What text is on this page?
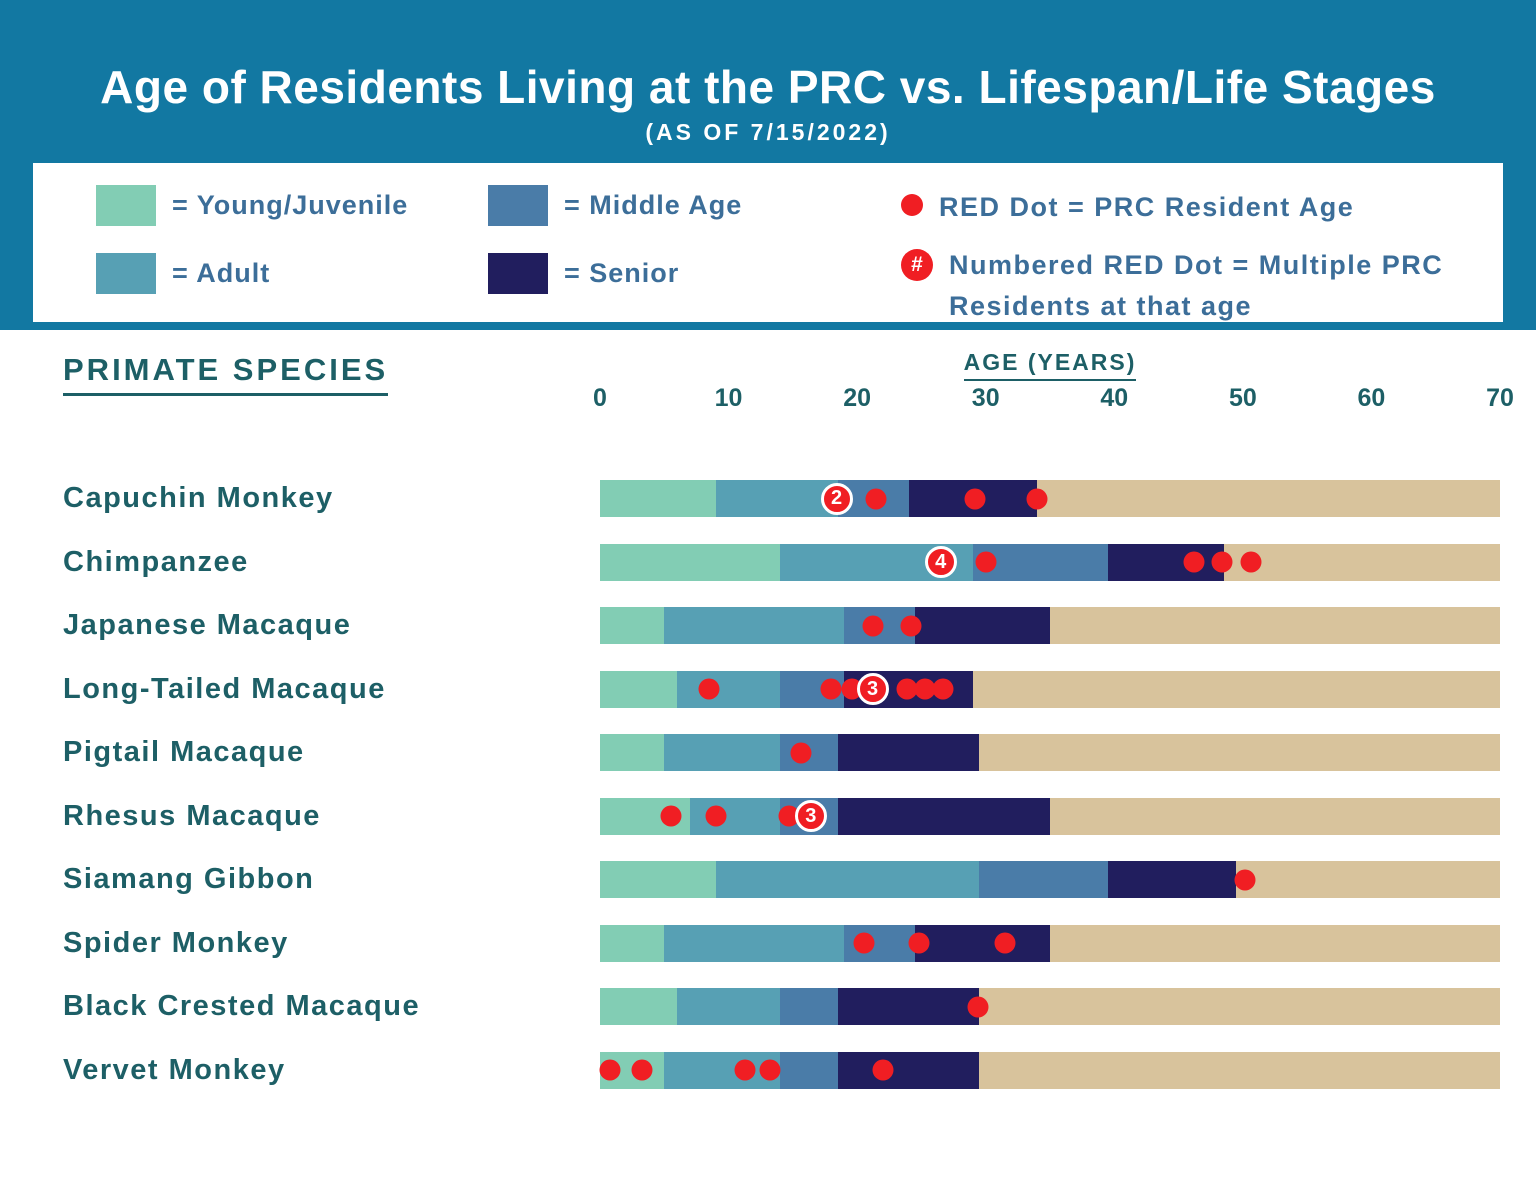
Age of Residents Living at the PRC vs. Lifespan/Life Stages
(AS OF 7/15/2022)
= Young/Juvenile	= Middle Age
= Adult	= Senior
RED Dot = PRC Resident Age
# Numbered RED Dot = Multiple PRC Residents at that age
PRIMATE SPECIES	AGE (YEARS)
0	10	20	30	40	50	60	70
Capuchin Monkey	2
Chimpanzee	4
Japanese Macaque
Long-Tailed Macaque	3
Pigtail Macaque
Rhesus Macaque	3
Siamang Gibbon
Spider Monkey
Black Crested Macaque
Vervet Monkey
